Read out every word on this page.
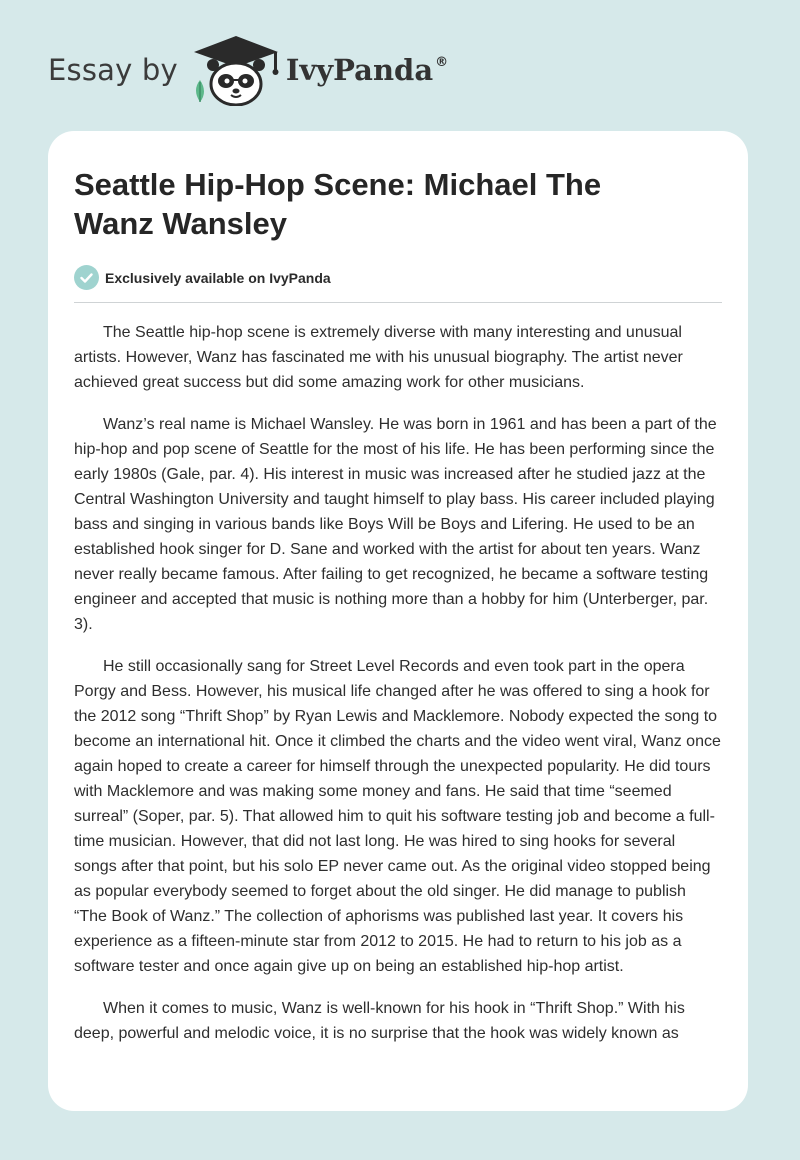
Essay by	IvyPanda®
Seattle Hip-Hop Scene: Michael The Wanz Wansley
Exclusively available on IvyPanda

The Seattle hip-hop scene is extremely diverse with many interesting and unusual artists. However, Wanz has fascinated me with his unusual biography. The artist never achieved great success but did some amazing work for other musicians.

Wanz’s real name is Michael Wansley. He was born in 1961 and has been a part of the hip-hop and pop scene of Seattle for the most of his life. He has been performing since the early 1980s (Gale, par. 4). His interest in music was increased after he studied jazz at the Central Washington University and taught himself to play bass. His career included playing bass and singing in various bands like Boys Will be Boys and Lifering. He used to be an established hook singer for D. Sane and worked with the artist for about ten years. Wanz never really became famous. After failing to get recognized, he became a software testing engineer and accepted that music is nothing more than a hobby for him (Unterberger, par. 3).

He still occasionally sang for Street Level Records and even took part in the opera Porgy and Bess. However, his musical life changed after he was offered to sing a hook for the 2012 song “Thrift Shop” by Ryan Lewis and Macklemore. Nobody expected the song to become an international hit. Once it climbed the charts and the video went viral, Wanz once again hoped to create a career for himself through the unexpected popularity. He did tours with Macklemore and was making some money and fans. He said that time “seemed surreal” (Soper, par. 5). That allowed him to quit his software testing job and become a full-time musician. However, that did not last long. He was hired to sing hooks for several songs after that point, but his solo EP never came out. As the original video stopped being as popular everybody seemed to forget about the old singer. He did manage to publish “The Book of Wanz.” The collection of aphorisms was published last year. It covers his experience as a fifteen-minute star from 2012 to 2015. He had to return to his job as a software tester and once again give up on being an established hip-hop artist.

When it comes to music, Wanz is well-known for his hook in “Thrift Shop.” With his deep, powerful and melodic voice, it is no surprise that the hook was widely known as
